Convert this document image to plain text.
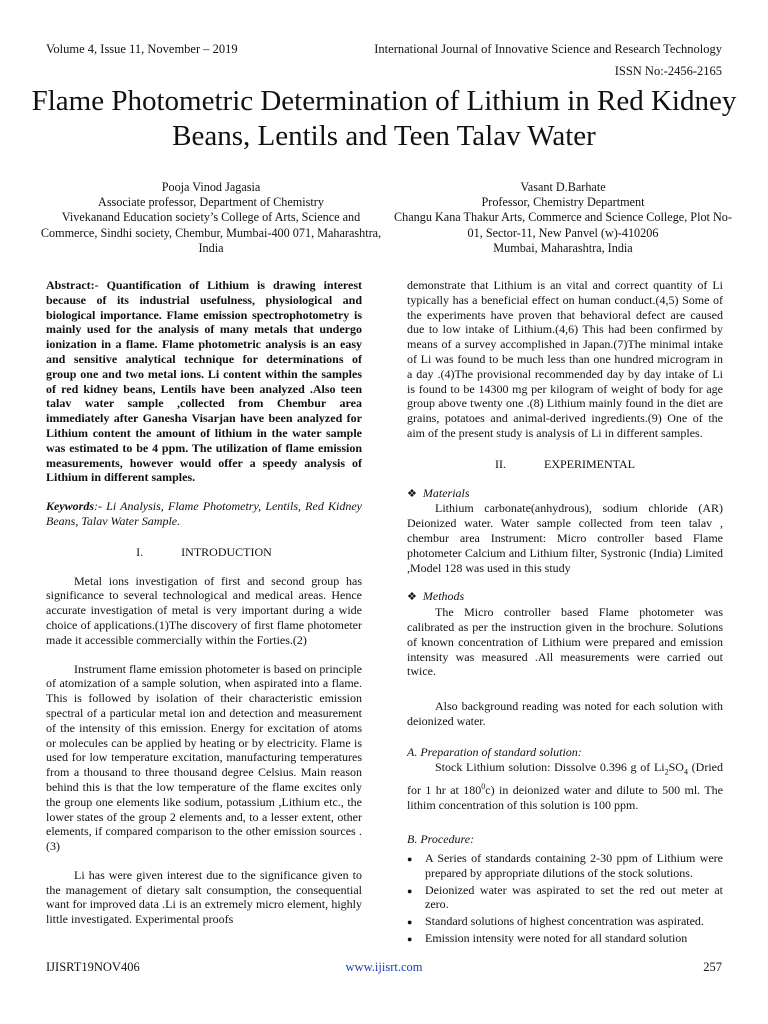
Volume 4, Issue 11, November – 2019	International Journal of Innovative Science and Research Technology
ISSN No:-2456-2165
Flame Photometric Determination of Lithium in Red Kidney Beans, Lentils and Teen Talav Water
Pooja Vinod Jagasia
Associate professor, Department of Chemistry
Vivekanand Education society’s College of Arts, Science and Commerce, Sindhi society, Chembur, Mumbai-400 071, Maharashtra, India
Vasant D.Barhate
Professor, Chemistry Department
Changu Kana Thakur Arts, Commerce and Science College, Plot No-01, Sector-11, New Panvel (w)-410206
Mumbai, Maharashtra, India

Abstract:- Quantification of Lithium is drawing interest because of its industrial usefulness, physiological and biological importance. Flame emission spectrophotometry is mainly used for the analysis of many metals that undergo ionization in a flame. Flame photometric analysis is an easy and sensitive analytical technique for determinations of group one and two metal ions. Li content within the samples of red kidney beans, Lentils have been analyzed .Also teen talav water sample ,collected from Chembur area immediately after Ganesha Visarjan have been analyzed for Lithium content the amount of lithium in the water sample was estimated to be 4 ppm. The utilization of flame emission measurements, however would offer a speedy analysis of Lithium in different samples.

Keywords:- Li Analysis, Flame Photometry, Lentils, Red Kidney Beans, Talav Water Sample.

I.	INTRODUCTION

Metal ions investigation of first and second group has significance to several technological and medical areas. Hence accurate investigation of metal is very important during a wide choice of applications.(1)The discovery of first flame photometer made it accessible commercially within the Forties.(2)

Instrument flame emission photometer is based on principle of atomization of a sample solution, when aspirated into a flame. This is followed by isolation of their characteristic emission spectral of a particular metal ion and detection and measurement of the intensity of this emission. Energy for excitation of atoms or molecules can be applied by heating or by electricity. Flame is used for low temperature excitation, manufacturing temperatures from a thousand to three thousand degree Celsius. Main reason behind this is that the low temperature of the flame excites only the group one elements like sodium, potassium ,Lithium etc., the lower states of the group 2 elements and, to a lesser extent, other elements, if compared comparison to the other emission sources .(3)

Li has were given interest due to the significance given to the management of dietary salt consumption, the consequential want for improved data .Li is an extremely micro element, highly little investigated. Experimental proofs

demonstrate that Lithium is an vital and correct quantity of Li typically has a beneficial effect on human conduct.(4,5) Some of the experiments have proven that behavioral defect are caused due to low intake of Lithium.(4,6) This had been confirmed by means of a survey accomplished in Japan.(7)The minimal intake of Li was found to be much less than one hundred microgram in a day .(4)The provisional recommended day by day intake of Li is found to be 14300 mg per kilogram of weight of body for age group above twenty one .(8) Lithium mainly found in the diet are grains, potatoes and animal-derived ingredients.(9) One of the aim of the present study is analysis of Li in different samples.

II.	EXPERIMENTAL
❖ Materials

Lithium carbonate(anhydrous), sodium chloride (AR) Deionized water. Water sample collected from teen talav , chembur area Instrument: Micro controller based Flame photometer Calcium and Lithium filter, Systronic (India) Limited ,Model 128 was used in this study

❖ Methods

The Micro controller based Flame photometer was calibrated as per the instruction given in the brochure. Solutions of known concentration of Lithium were prepared and emission intensity was measured .All measurements were carried out twice.

Also background reading was noted for each solution with deionized water.

A. Preparation of standard solution:

Stock Lithium solution: Dissolve 0.396 g of $Li_2SO_4$ (Dried for 1 hr at $180^0c$) in deionized water and dilute to 500 ml. The lithim concentration of this solution is 100 ppm.

B. Procedure:
● A Series of standards containing 2-30 ppm of Lithium were prepared by appropriate dilutions of the stock solutions.
● Deionized water was aspirated to set the red out meter at zero.
● Standard solutions of highest concentration was aspirated.
● Emission intensity were noted for all standard solution
IJISRT19NOV406	www.ijisrt.com	257
